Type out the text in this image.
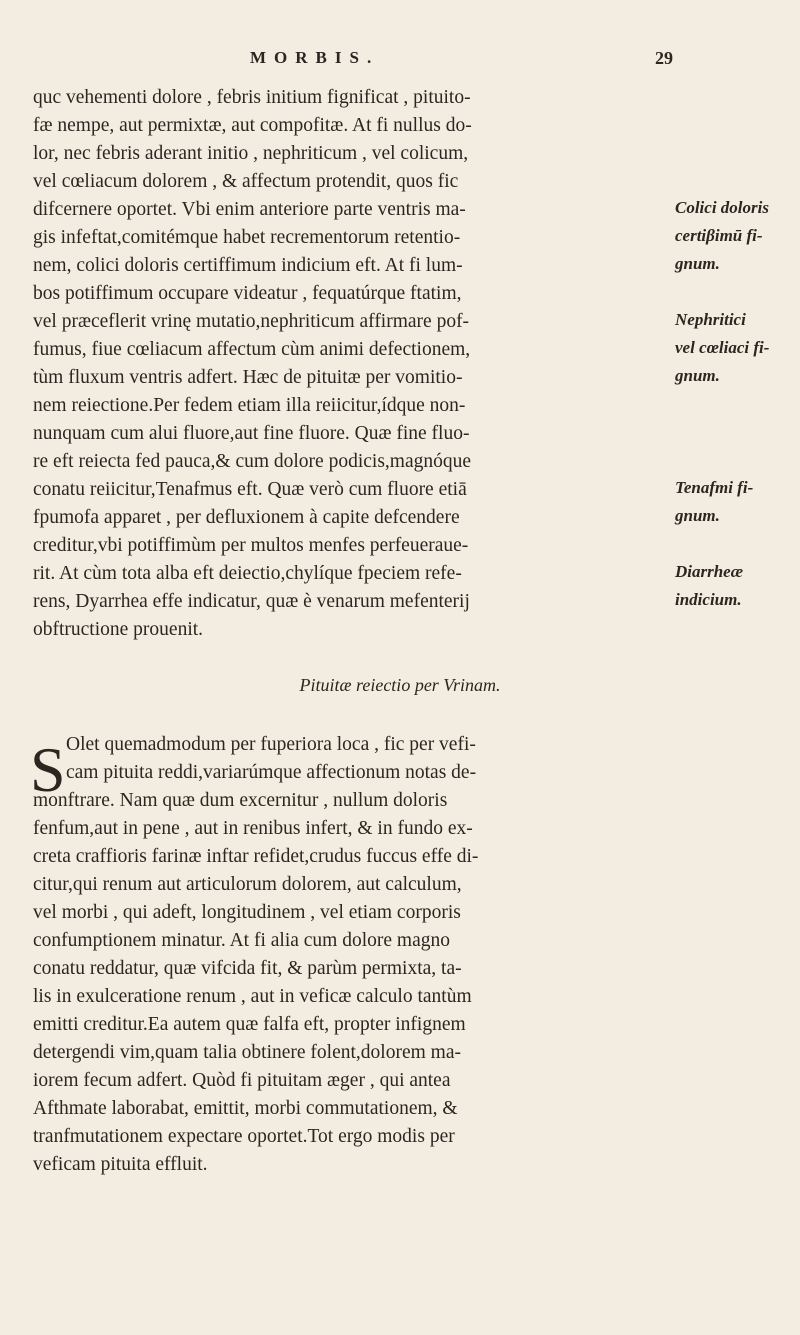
MORBIS.	29
quc vehementi dolore , febris initium fignificat , pituito-
fæ nempe, aut permixtæ, aut compofitæ. At fi nullus do-
lor, nec febris aderant initio , nephriticum , vel colicum,
vel cœliacum dolorem , & affectum protendit, quos fic
difcernere oportet. Vbi enim anteriore parte ventris ma-
gis infeftat,comitémque habet recrementorum retentio-
nem, colici doloris certiffimum indicium eft. At fi lum-
bos potiffimum occupare videatur , fequatúrque ftatim,
vel præceflerit vrinę mutatio,nephriticum affirmare pof-
fumus, fiue cœliacum affectum cùm animi defectionem,
tùm fluxum ventris adfert. Hæc de pituitæ per vomitio-
nem reiectione.Per fedem etiam illa reiicitur,ídque non-
nunquam cum alui fluore,aut fine fluore. Quæ fine fluo-
re eft reiecta fed pauca,& cum dolore podicis,magnóque
conatu reiicitur,Tenafmus eft. Quæ verò cum fluore etiā
fpumofa apparet , per defluxionem à capite defcendere
creditur,vbi potiffimùm per multos menfes perfeueraue-
rit. At cùm tota alba eft deiectio,chylíque fpeciem refe-
rens, Dyarrhea effe indicatur, quæ è venarum mefenterij
obftructione prouenit.
Colici doloris
certiβimū fi-
gnum.
Nephritici
vel cœliaci fi-
gnum.
Tenafmi fi-
gnum.
Diarrheæ
indicium.
Pituitæ reiectio per Vrinam.
S Olet quemadmodum per fuperiora loca , fic per vefi-
cam pituita reddi,variarúmque affectionum notas de-
monftrare. Nam quæ dum excernitur , nullum doloris
fenfum,aut in pene , aut in renibus infert, & in fundo ex-
creta craffioris farinæ inftar refidet,crudus fuccus effe di-
citur,qui renum aut articulorum dolorem, aut calculum,
vel morbi , qui adeft, longitudinem , vel etiam corporis
confumptionem minatur. At fi alia cum dolore magno
conatu reddatur, quæ vifcida fit, & parùm permixta, ta-
lis in exulceratione renum , aut in veficæ calculo tantùm
emitti creditur.Ea autem quæ falfa eft, propter infignem
detergendi vim,quam talia obtinere folent,dolorem ma-
iorem fecum adfert. Quòd fi pituitam æger , qui antea
Afthmate laborabat, emittit, morbi commutationem, &
tranfmutationem expectare oportet.Tot ergo modis per
veficam pituita effluit.
